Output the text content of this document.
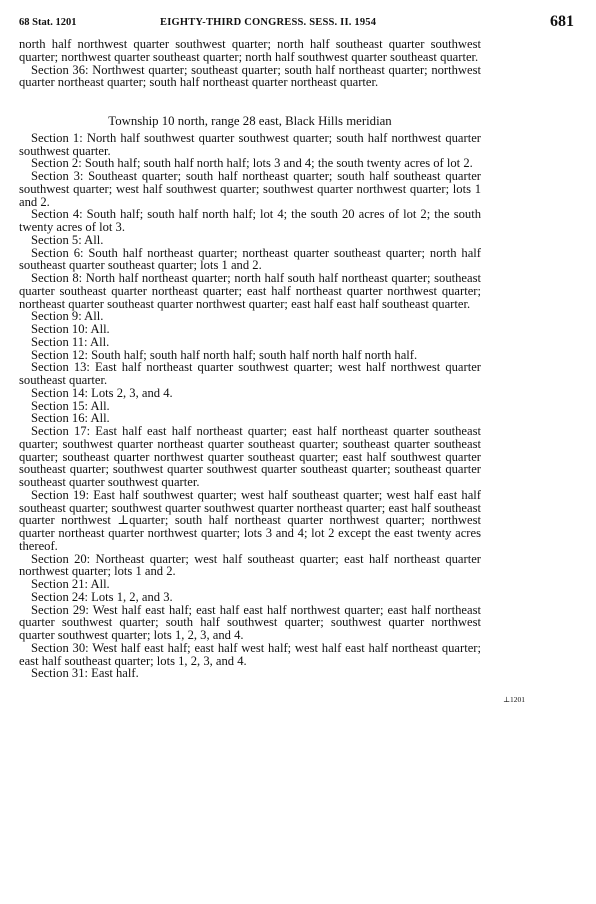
68 Stat. 1201	EIGHTY-THIRD CONGRESS. SESS. II. 1954	681
⊥1201

north half northwest quarter southwest quarter; north half southeast quarter southwest quarter; northwest quarter southeast quarter; north half southwest quarter southeast quarter.

Section 36: Northwest quarter; southeast quarter; south half northeast quarter; northwest quarter northeast quarter; south half northeast quarter northeast quarter.

Township 10 north, range 28 east, Black Hills meridian

Section 1: North half southwest quarter southwest quarter; south half northwest quarter southwest quarter.

Section 2: South half; south half north half; lots 3 and 4; the south twenty acres of lot 2.

Section 3: Southeast quarter; south half northeast quarter; south half southeast quarter southwest quarter; west half southwest quarter; southwest quarter northwest quarter; lots 1 and 2.

Section 4: South half; south half north half; lot 4; the south 20 acres of lot 2; the south twenty acres of lot 3.

Section 5: All.

Section 6: South half northeast quarter; northeast quarter southeast quarter; north half southeast quarter southeast quarter; lots 1 and 2.

Section 8: North half northeast quarter; north half south half northeast quarter; southeast quarter southeast quarter northeast quarter; east half northeast quarter northwest quarter; northeast quarter southeast quarter northwest quarter; east half east half southeast quarter.

Section 9: All.

Section 10: All.

Section 11: All.

Section 12: South half; south half north half; south half north half north half.

Section 13: East half northeast quarter southwest quarter; west half northwest quarter southeast quarter.

Section 14: Lots 2, 3, and 4.

Section 15: All.

Section 16: All.

Section 17: East half east half northeast quarter; east half northeast quarter southeast quarter; southwest quarter northeast quarter southeast quarter; southeast quarter southeast quarter; southeast quarter northwest quarter southeast quarter; east half southwest quarter southeast quarter; southwest quarter southwest quarter southeast quarter; southeast quarter southeast quarter southwest quarter.

Section 19: East half southwest quarter; west half southeast quarter; west half east half southeast quarter; southwest quarter southwest quarter northeast quarter; east half southeast quarter northwest ⊥quarter; south half northeast quarter northwest quarter; northwest quarter northeast quarter northwest quarter; lots 3 and 4; lot 2 except the east twenty acres thereof.

Section 20: Northeast quarter; west half southeast quarter; east half northeast quarter northwest quarter; lots 1 and 2.

Section 21: All.

Section 24: Lots 1, 2, and 3.

Section 29: West half east half; east half east half northwest quarter; east half northeast quarter southwest quarter; south half southwest quarter; southwest quarter northwest quarter southwest quarter; lots 1, 2, 3, and 4.

Section 30: West half east half; east half west half; west half east half northeast quarter; east half southeast quarter; lots 1, 2, 3, and 4.

Section 31: East half.
